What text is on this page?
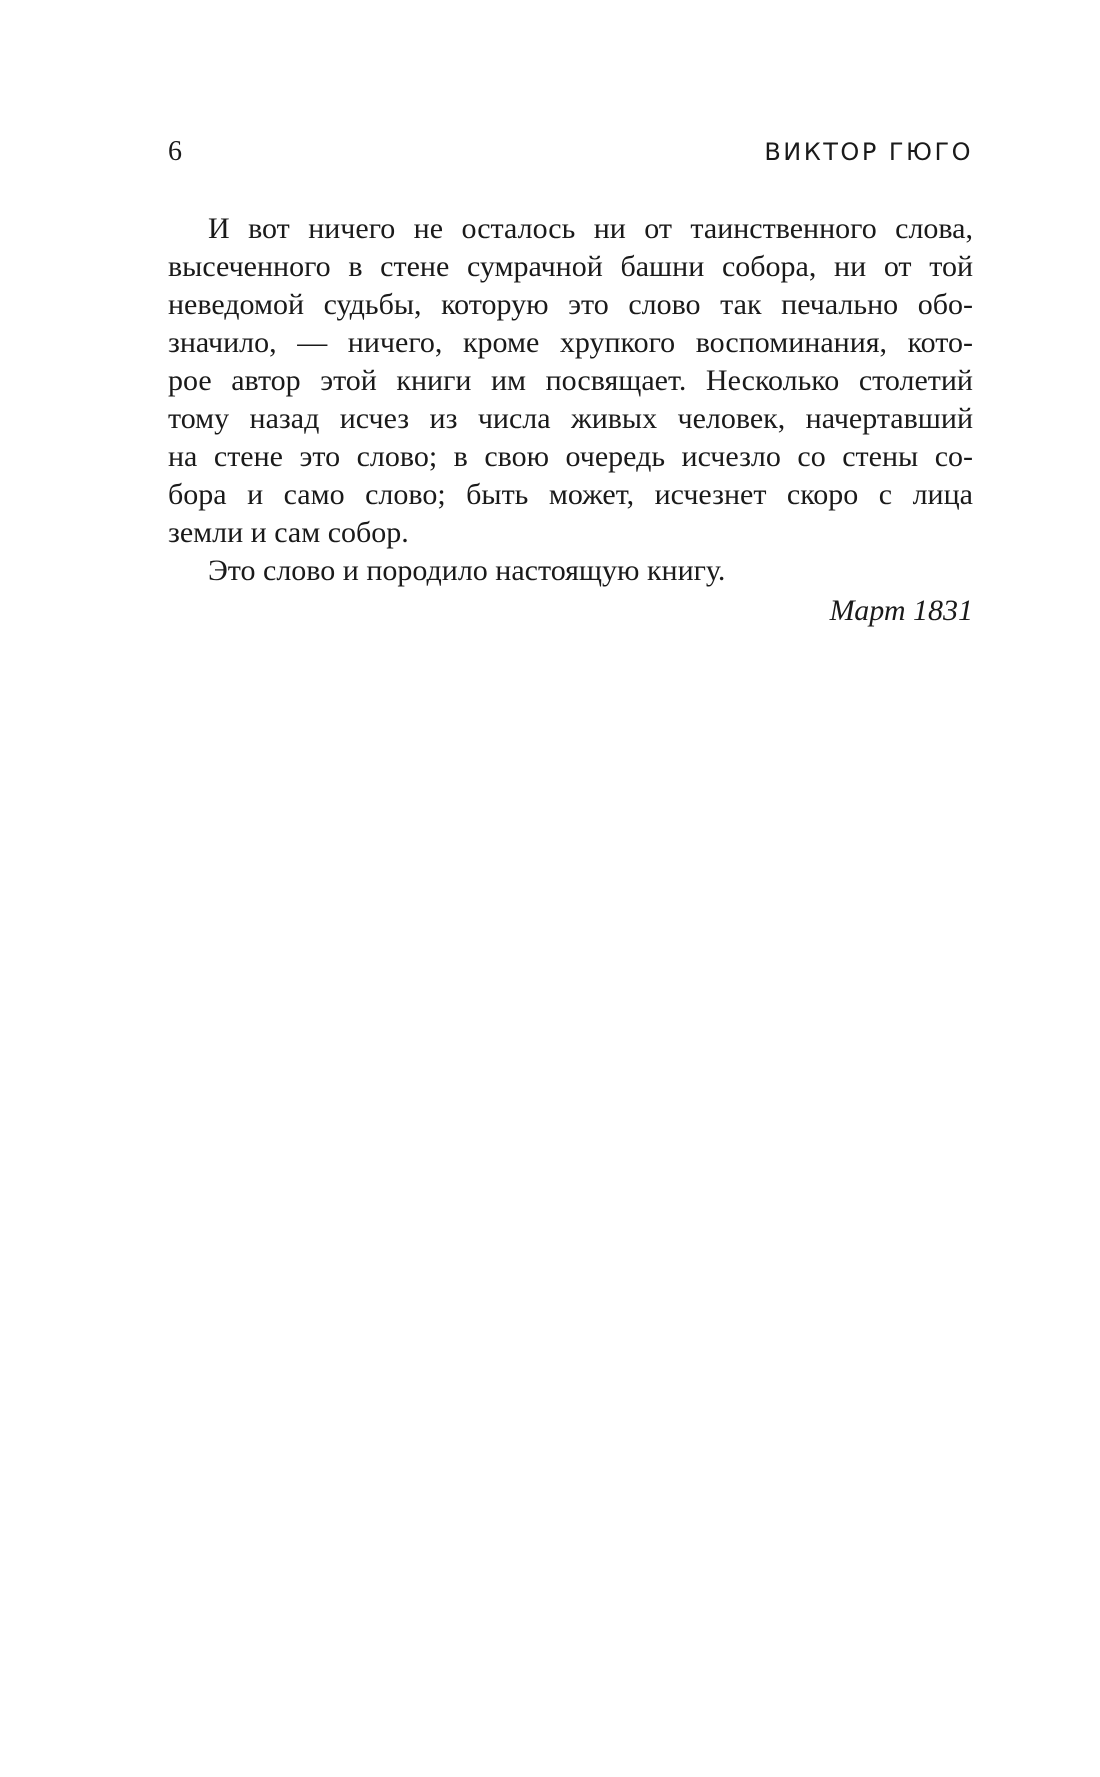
6	ВИКТОР ГЮГО
И вот ничего не осталось ни от таинственного слова,
высеченного в стене сумрачной башни собора, ни от той
неведомой судьбы, которую это слово так печально обо-
значило, — ничего, кроме хрупкого воспоминания, кото-
рое автор этой книги им посвящает. Несколько столетий
тому назад исчез из числа живых человек, начертавший
на стене это слово; в свою очередь исчезло со стены со-
бора и само слово; быть может, исчезнет скоро с лица
земли и сам собор.
Это слово и породило настоящую книгу.
Март 1831
